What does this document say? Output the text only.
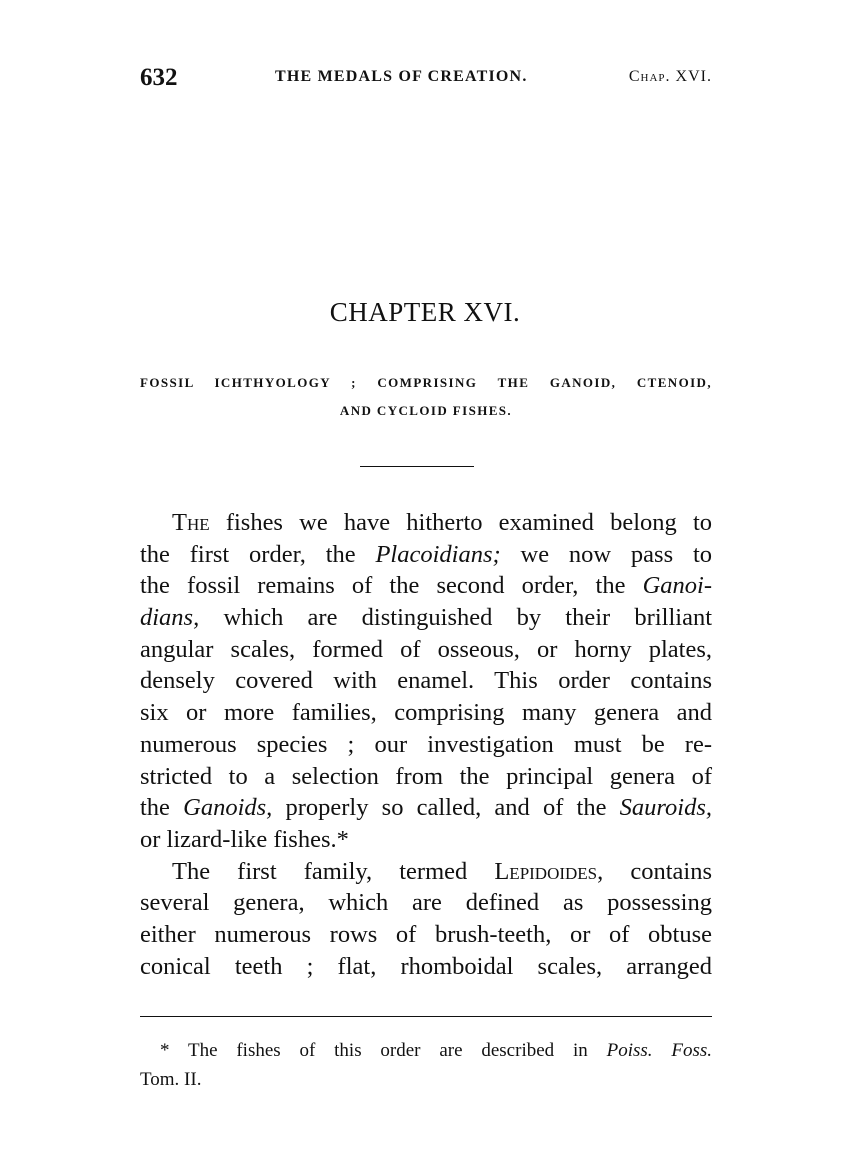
632	THE MEDALS OF CREATION.	Chap. XVI.
CHAPTER XVI.
FOSSIL ICHTHYOLOGY ; COMPRISING THE GANOID, CTENOID,
AND CYCLOID FISHES.
The fishes we have hitherto examined belong to
the first order, the Placoidians; we now pass to
the fossil remains of the second order, the Ganoi-
dians, which are distinguished by their brilliant
angular scales, formed of osseous, or horny plates,
densely covered with enamel. This order contains
six or more families, comprising many genera and
numerous species ; our investigation must be re-
stricted to a selection from the principal genera of
the Ganoids, properly so called, and of the Sauroids,
or lizard-like fishes.*
The first family, termed Lepidoides, contains
several genera, which are defined as possessing
either numerous rows of brush-teeth, or of obtuse
conical teeth ; flat, rhomboidal scales, arranged
* The fishes of this order are described in Poiss. Foss.
Tom. II.
